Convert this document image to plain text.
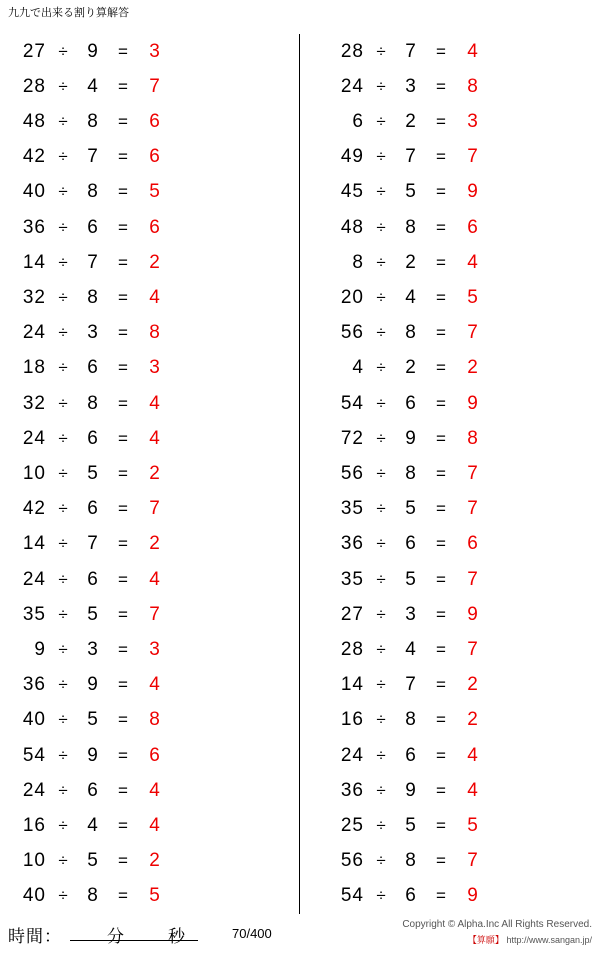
九九で出来る割り算解答
27 ÷	9	=	3
28 ÷	4	=	7
48 ÷	8	=	6
42 ÷	7	=	6
40 ÷	8	=	5
36 ÷	6	=	6
14 ÷	7	=	2
32 ÷	8	=	4
24 ÷	3	=	8
18 ÷	6	=	3
32 ÷	8	=	4
24 ÷	6	=	4
10 ÷	5	=	2
42 ÷	6	=	7
14 ÷	7	=	2
24 ÷	6	=	4
35 ÷	5	=	7
9 ÷	3	=	3
36 ÷	9	=	4
40 ÷	5	=	8
54 ÷	9	=	6
24 ÷	6	=	4
16 ÷	4	=	4
10 ÷	5	=	2
40 ÷	8	=	5
28 ÷	7	=	4
24 ÷	3	=	8
6 ÷	2	=	3
49 ÷	7	=	7
45 ÷	5	=	9
48 ÷	8	=	6
8 ÷	2	=	4
20 ÷	4	=	5
56 ÷	8	=	7
4 ÷	2	=	2
54 ÷	6	=	9
72 ÷	9	=	8
56 ÷	8	=	7
35 ÷	5	=	7
36 ÷	6	=	6
35 ÷	5	=	7
27 ÷	3	=	9
28 ÷	4	=	7
14 ÷	7	=	2
16 ÷	8	=	2
24 ÷	6	=	4
36 ÷	9	=	4
25 ÷	5	=	5
56 ÷	8	=	7
54 ÷	6	=	9
時間：	分	秒	70/400
Copyright © Alpha.Inc All Rights Reserved.
【算願】 http://www.sangan.jp/
